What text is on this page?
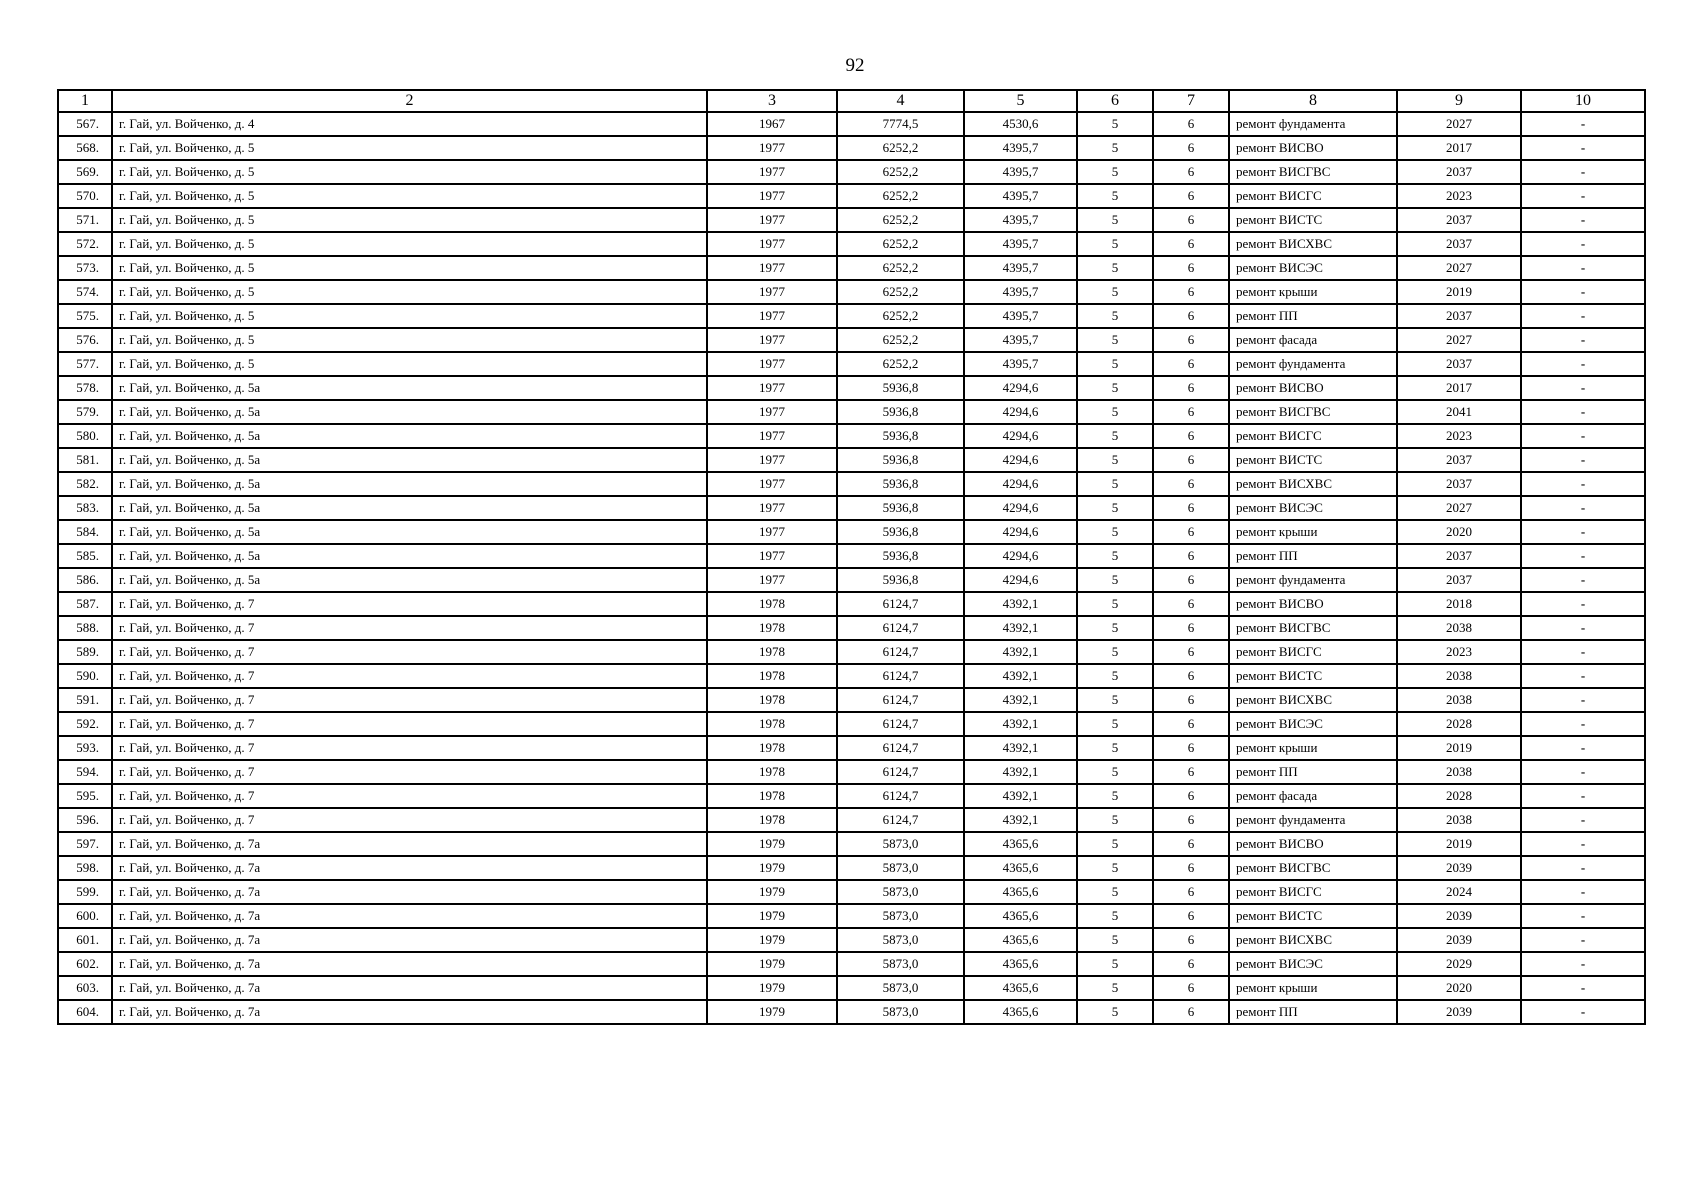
92
1	2	3	4	5	6	7	8	9	10
567.	г. Гай, ул. Войченко, д. 4	1967	7774,5	4530,6	5	6	ремонт фундамента	2027	-
568.	г. Гай, ул. Войченко, д. 5	1977	6252,2	4395,7	5	6	ремонт ВИСВО	2017	-
569.	г. Гай, ул. Войченко, д. 5	1977	6252,2	4395,7	5	6	ремонт ВИСГВС	2037	-
570.	г. Гай, ул. Войченко, д. 5	1977	6252,2	4395,7	5	6	ремонт ВИСГС	2023	-
571.	г. Гай, ул. Войченко, д. 5	1977	6252,2	4395,7	5	6	ремонт ВИСТС	2037	-
572.	г. Гай, ул. Войченко, д. 5	1977	6252,2	4395,7	5	6	ремонт ВИСХВС	2037	-
573.	г. Гай, ул. Войченко, д. 5	1977	6252,2	4395,7	5	6	ремонт ВИСЭС	2027	-
574.	г. Гай, ул. Войченко, д. 5	1977	6252,2	4395,7	5	6	ремонт крыши	2019	-
575.	г. Гай, ул. Войченко, д. 5	1977	6252,2	4395,7	5	6	ремонт ПП	2037	-
576.	г. Гай, ул. Войченко, д. 5	1977	6252,2	4395,7	5	6	ремонт фасада	2027	-
577.	г. Гай, ул. Войченко, д. 5	1977	6252,2	4395,7	5	6	ремонт фундамента	2037	-
578.	г. Гай, ул. Войченко, д. 5а	1977	5936,8	4294,6	5	6	ремонт ВИСВО	2017	-
579.	г. Гай, ул. Войченко, д. 5а	1977	5936,8	4294,6	5	6	ремонт ВИСГВС	2041	-
580.	г. Гай, ул. Войченко, д. 5а	1977	5936,8	4294,6	5	6	ремонт ВИСГС	2023	-
581.	г. Гай, ул. Войченко, д. 5а	1977	5936,8	4294,6	5	6	ремонт ВИСТС	2037	-
582.	г. Гай, ул. Войченко, д. 5а	1977	5936,8	4294,6	5	6	ремонт ВИСХВС	2037	-
583.	г. Гай, ул. Войченко, д. 5а	1977	5936,8	4294,6	5	6	ремонт ВИСЭС	2027	-
584.	г. Гай, ул. Войченко, д. 5а	1977	5936,8	4294,6	5	6	ремонт крыши	2020	-
585.	г. Гай, ул. Войченко, д. 5а	1977	5936,8	4294,6	5	6	ремонт ПП	2037	-
586.	г. Гай, ул. Войченко, д. 5а	1977	5936,8	4294,6	5	6	ремонт фундамента	2037	-
587.	г. Гай, ул. Войченко, д. 7	1978	6124,7	4392,1	5	6	ремонт ВИСВО	2018	-
588.	г. Гай, ул. Войченко, д. 7	1978	6124,7	4392,1	5	6	ремонт ВИСГВС	2038	-
589.	г. Гай, ул. Войченко, д. 7	1978	6124,7	4392,1	5	6	ремонт ВИСГС	2023	-
590.	г. Гай, ул. Войченко, д. 7	1978	6124,7	4392,1	5	6	ремонт ВИСТС	2038	-
591.	г. Гай, ул. Войченко, д. 7	1978	6124,7	4392,1	5	6	ремонт ВИСХВС	2038	-
592.	г. Гай, ул. Войченко, д. 7	1978	6124,7	4392,1	5	6	ремонт ВИСЭС	2028	-
593.	г. Гай, ул. Войченко, д. 7	1978	6124,7	4392,1	5	6	ремонт крыши	2019	-
594.	г. Гай, ул. Войченко, д. 7	1978	6124,7	4392,1	5	6	ремонт ПП	2038	-
595.	г. Гай, ул. Войченко, д. 7	1978	6124,7	4392,1	5	6	ремонт фасада	2028	-
596.	г. Гай, ул. Войченко, д. 7	1978	6124,7	4392,1	5	6	ремонт фундамента	2038	-
597.	г. Гай, ул. Войченко, д. 7а	1979	5873,0	4365,6	5	6	ремонт ВИСВО	2019	-
598.	г. Гай, ул. Войченко, д. 7а	1979	5873,0	4365,6	5	6	ремонт ВИСГВС	2039	-
599.	г. Гай, ул. Войченко, д. 7а	1979	5873,0	4365,6	5	6	ремонт ВИСГС	2024	-
600.	г. Гай, ул. Войченко, д. 7а	1979	5873,0	4365,6	5	6	ремонт ВИСТС	2039	-
601.	г. Гай, ул. Войченко, д. 7а	1979	5873,0	4365,6	5	6	ремонт ВИСХВС	2039	-
602.	г. Гай, ул. Войченко, д. 7а	1979	5873,0	4365,6	5	6	ремонт ВИСЭС	2029	-
603.	г. Гай, ул. Войченко, д. 7а	1979	5873,0	4365,6	5	6	ремонт крыши	2020	-
604.	г. Гай, ул. Войченко, д. 7а	1979	5873,0	4365,6	5	6	ремонт ПП	2039	-
